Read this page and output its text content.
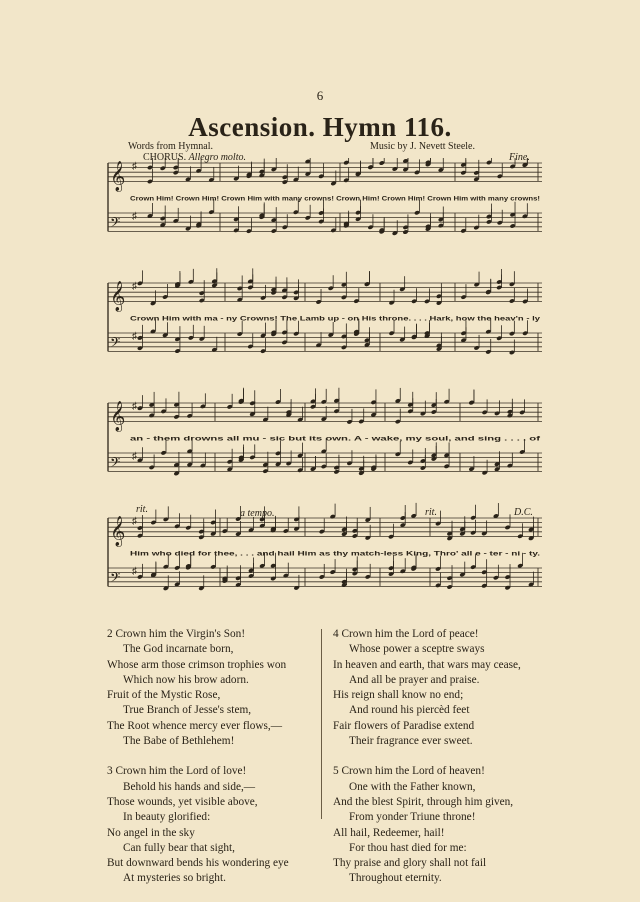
6
Ascension. Hymn 116.
Words from Hymnal.	Music by J. Nevett Steele.
CHORUS. Allegro molto.	Fine.
𝄞 ♯
𝄢 ♯
Crown Him! Crown Him! Crown Him with many crowns! Crown Him! Crown Him! Crown Him with many crowns!
𝄞 ♯
𝄢 ♯
Crown Him with ma - ny Crowns! The Lamb up - on His throne. . . . Hark, how the heav'n - ly
𝄞 ♯
𝄢 ♯
an - them drowns all mu - sic but its own. A - wake, my soul, and sing . . . . of
𝄞 ♯
𝄢 ♯
Him who died for thee, . . . and hail Him as thy match-less King, Thro' all e - ter - ni - ty.
rit.	a tempo.	rit.	D.C.
2 Crown him the Virgin's Son!
The God incarnate born,
Whose arm those crimson trophies won
Which now his brow adorn.
Fruit of the Mystic Rose,
True Branch of Jesse's stem,
The Root whence mercy ever flows,—
The Babe of Bethlehem!
3 Crown him the Lord of love!
Behold his hands and side,—
Those wounds, yet visible above,
In beauty glorified:
No angel in the sky
Can fully bear that sight,
But downward bends his wondering eye
At mysteries so bright.
4 Crown him the Lord of peace!
Whose power a sceptre sways
In heaven and earth, that wars may cease,
And all be prayer and praise.
His reign shall know no end;
And round his piercèd feet
Fair flowers of Paradise extend
Their fragrance ever sweet.
5 Crown him the Lord of heaven!
One with the Father known,
And the blest Spirit, through him given,
From yonder Triune throne!
All hail, Redeemer, hail!
For thou hast died for me:
Thy praise and glory shall not fail
Throughout eternity.
